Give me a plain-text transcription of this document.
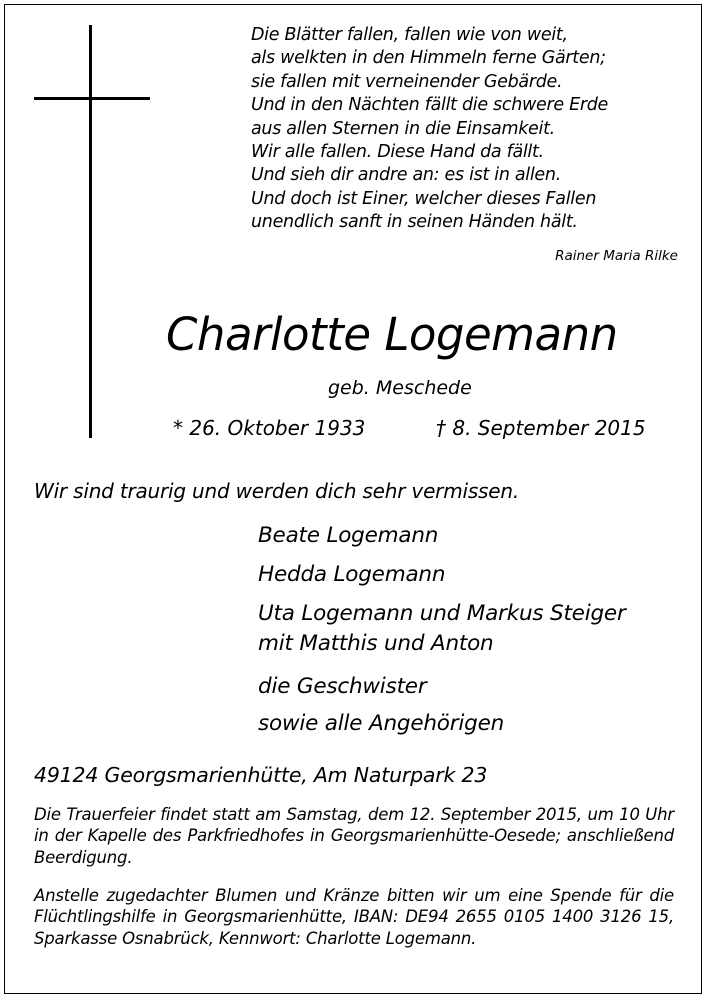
Die Blätter fallen, fallen wie von weit,
als welkten in den Himmeln ferne Gärten;
sie fallen mit verneinender Gebärde.
Und in den Nächten fällt die schwere Erde
aus allen Sternen in die Einsamkeit.
Wir alle fallen. Diese Hand da fällt.
Und sieh dir andre an: es ist in allen.
Und doch ist Einer, welcher dieses Fallen
unendlich sanft in seinen Händen hält.
Rainer Maria Rilke
Charlotte Logemann
geb. Meschede
* 26. Oktober 1933	† 8. September 2015
Wir sind traurig und werden dich sehr vermissen.
Beate Logemann
Hedda Logemann
Uta Logemann und Markus Steiger
mit Matthis und Anton
die Geschwister
sowie alle Angehörigen
49124 Georgsmarienhütte, Am Naturpark 23
Die Trauerfeier findet statt am Samstag, dem 12. September 2015, um 10 Uhr in der Kapelle des Parkfriedhofes in Georgsmarienhütte-Oesede; anschließend Beerdigung.
Anstelle zugedachter Blumen und Kränze bitten wir um eine Spende für die Flüchtlingshilfe in Georgsmarienhütte, IBAN: DE94 2655 0105 1400 3126 15, Sparkasse Osnabrück, Kennwort: Charlotte Logemann.
